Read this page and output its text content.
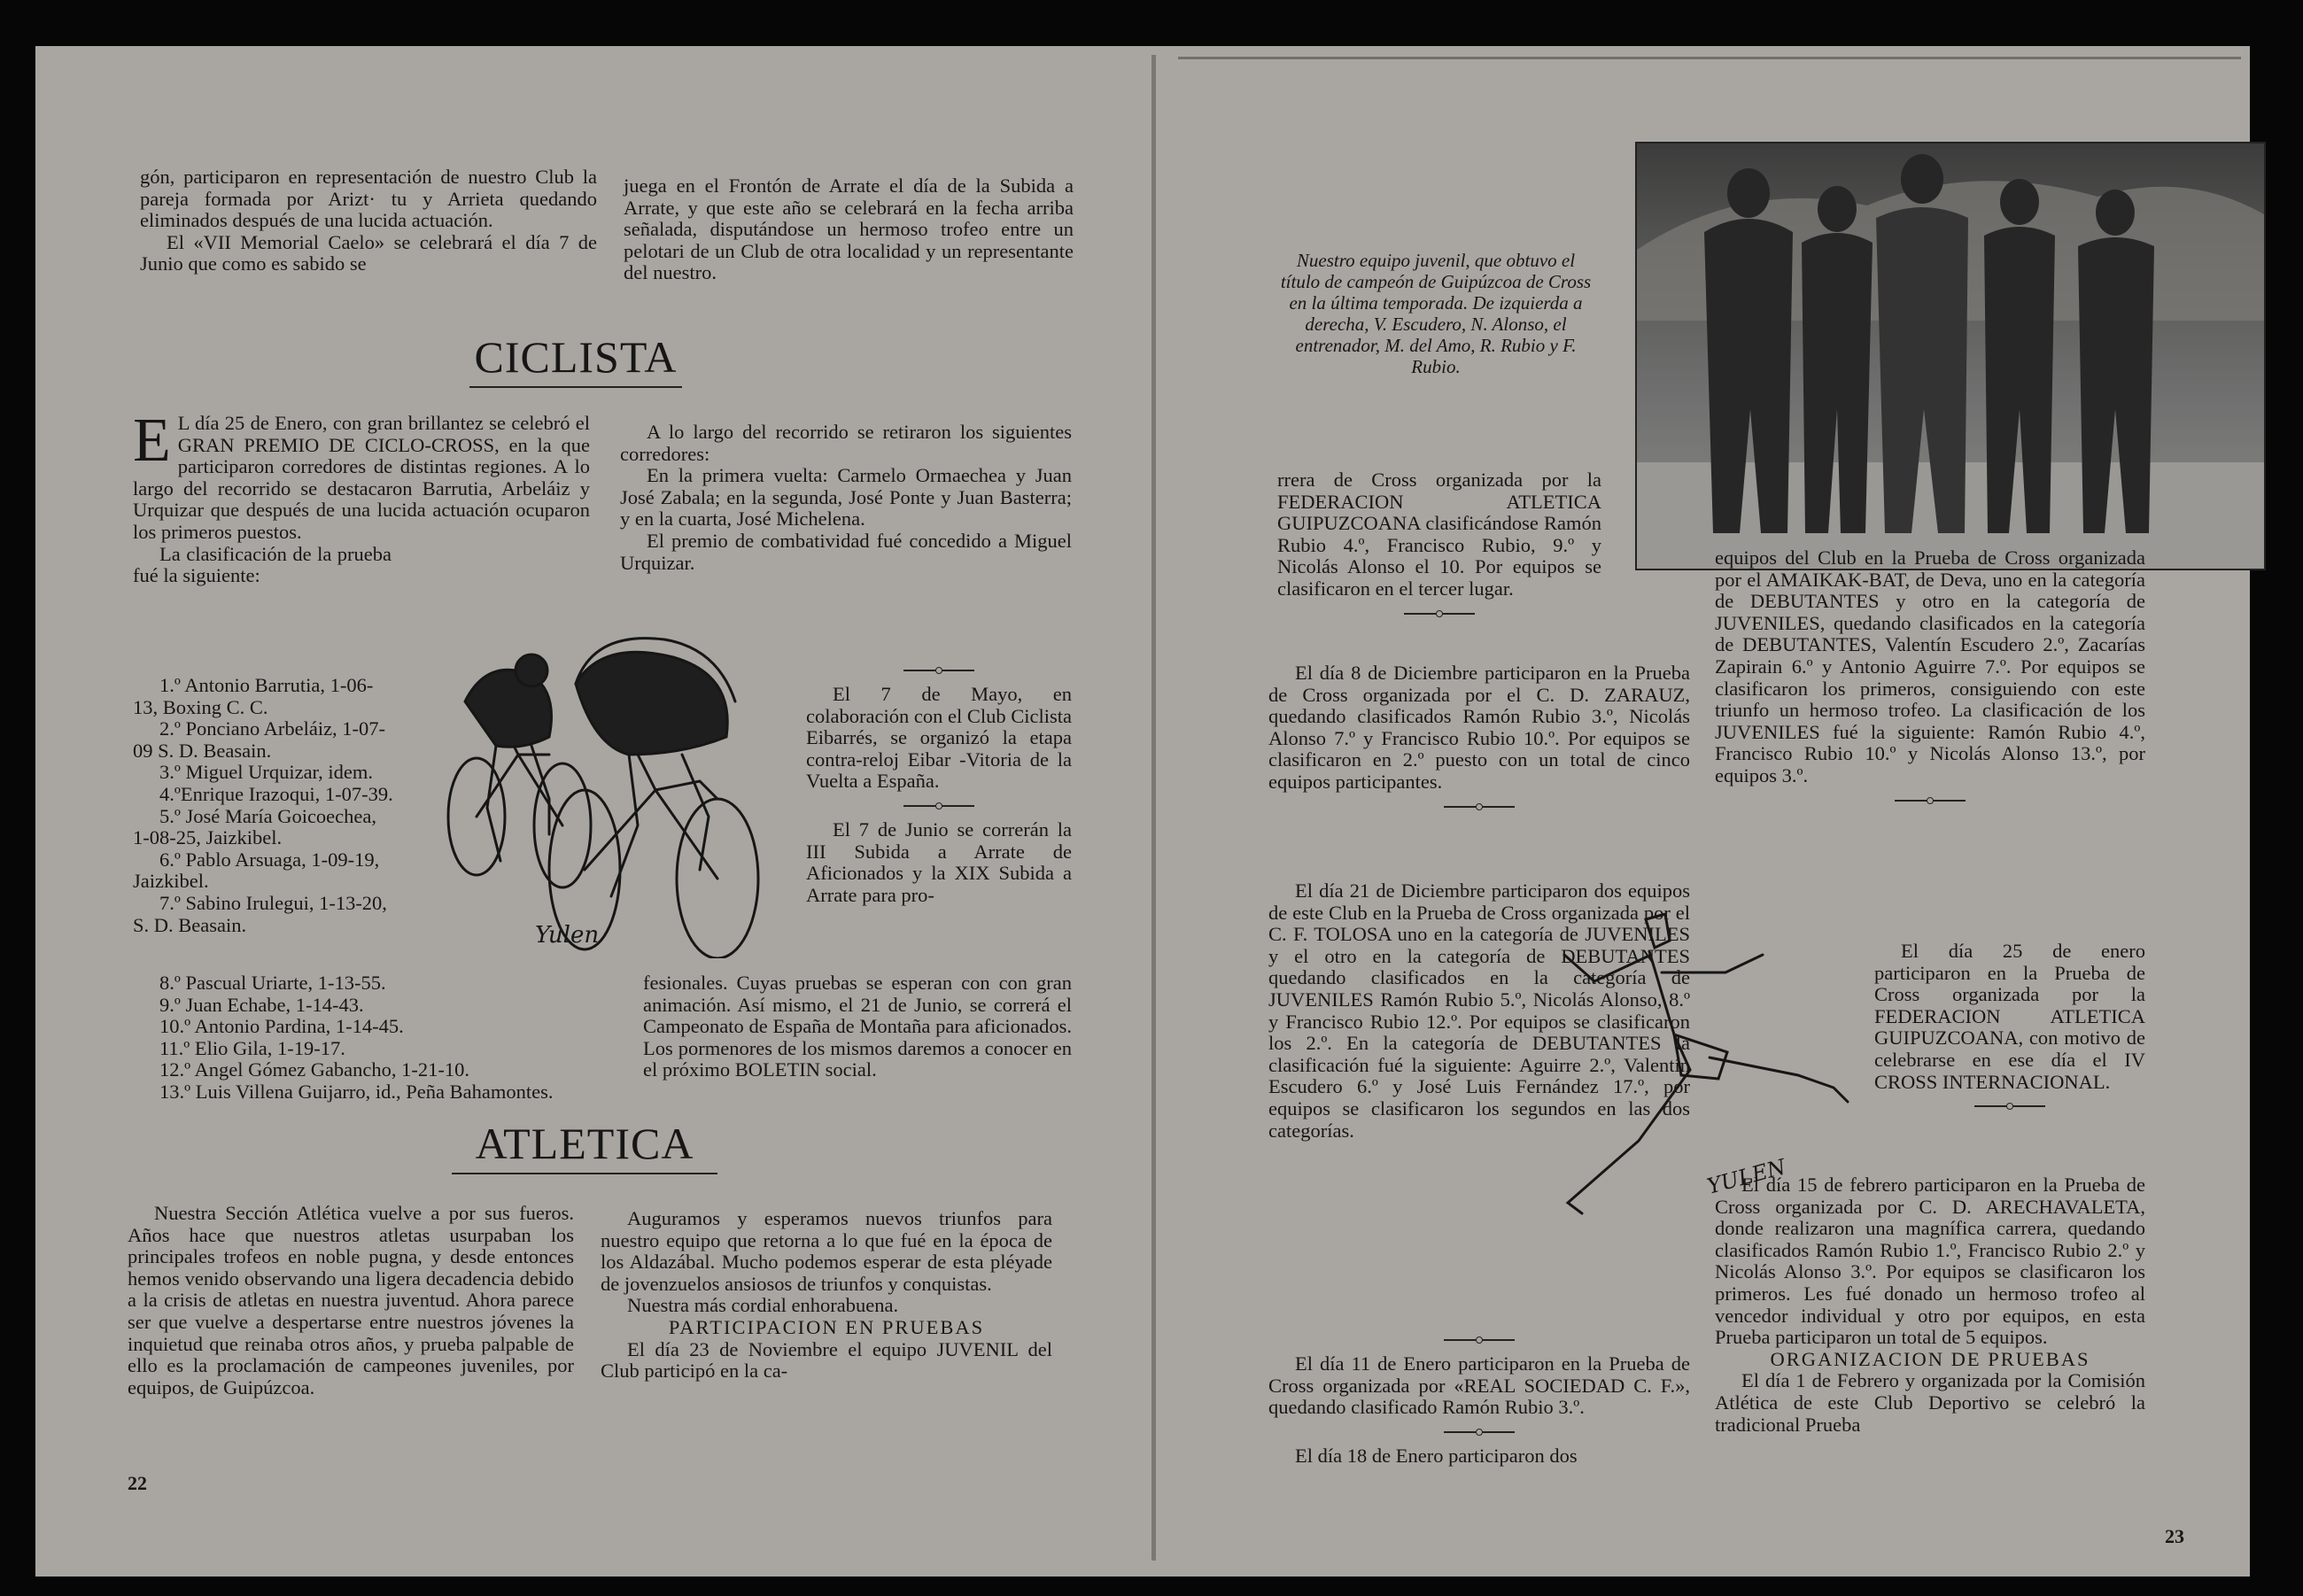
gón, participaron en representación de nuestro Club la pareja formada por Arizt· tu y Arrieta quedando eliminados después de una lucida actuación.

El «VII Memorial Caelo» se celebrará el día 7 de Junio que como es sabido se

juega en el Frontón de Arrate el día de la Subida a Arrate, y que este año se celebrará en la fecha arriba señalada, disputándose un hermoso trofeo entre un pelotari de un Club de otra localidad y un representante del nuestro.

CICLISTA
E L día 25 de Enero, con gran brillantez se celebró el GRAN PREMIO DE CICLO-CROSS, en la que participaron corredores de distintas regiones. A lo largo del recorrido se destacaron Barrutia, Arbeláiz y Urquizar que después de una lucida actuación ocuparon los primeros puestos.

La clasificación de la prueba fué la siguiente:

1.º Antonio Barrutia, 1-06-13, Boxing C. C.

2.º Ponciano Arbeláiz, 1-07-09 S. D. Beasain.

3.º Miguel Urquizar, idem.

4.ºEnrique Irazoqui, 1-07-39.

5.º José María Goicoechea, 1-08-25, Jaizkibel.

6.º Pablo Arsuaga, 1-09-19, Jaizkibel.

7.º Sabino Irulegui, 1-13-20, S. D. Beasain.

8.º Pascual Uriarte, 1-13-55.

9.º Juan Echabe, 1-14-43.

10.º Antonio Pardina, 1-14-45.

11.º Elio Gila, 1-19-17.

12.º Angel Gómez Gabancho, 1-21-10.

13.º Luis Villena Guijarro, id., Peña Bahamontes.

Yulen

A lo largo del recorrido se retiraron los siguientes corredores:

En la primera vuelta: Carmelo Ormaechea y Juan José Zabala; en la segunda, José Ponte y Juan Basterra; y en la cuarta, José Michelena.

El premio de combatividad fué concedido a Miguel Urquizar.

El 7 de Mayo, en colaboración con el Club Ciclista Eibarrés, se organizó la etapa contra-reloj Eibar -Vitoria de la Vuelta a España.

El 7 de Junio se correrán la III Subida a Arrate de Aficionados y la XIX Subida a Arrate para pro-

fesionales. Cuyas pruebas se esperan con con gran animación. Así mismo, el 21 de Junio, se correrá el Campeonato de España de Montaña para aficionados. Los pormenores de los mismos daremos a conocer en el próximo BOLETIN social.

ATLETICA

Nuestra Sección Atlética vuelve a por sus fueros. Años hace que nuestros atletas usurpaban los principales trofeos en noble pugna, y desde entonces hemos venido observando una ligera decadencia debido a la crisis de atletas en nuestra juventud. Ahora parece ser que vuelve a despertarse entre nuestros jóvenes la inquietud que reinaba otros años, y prueba palpable de ello es la proclamación de campeones juveniles, por equipos, de Guipúzcoa.

Auguramos y esperamos nuevos triunfos para nuestro equipo que retorna a lo que fué en la época de los Aldazábal. Mucho podemos esperar de esta pléyade de jovenzuelos ansiosos de triunfos y conquistas.

Nuestra más cordial enhorabuena.

PARTICIPACION EN PRUEBAS

El día 23 de Noviembre el equipo JUVENIL del Club participó en la ca-

22
Nuestro equipo juvenil, que obtuvo el título de campeón de Guipúzcoa de Cross en la última temporada. De izquierda a derecha, V. Escudero, N. Alonso, el entrenador, M. del Amo, R. Rubio y F. Rubio.

rrera de Cross organizada por la FEDERACION ATLETICA GUIPUZCOANA clasificándose Ramón Rubio 4.º, Francisco Rubio, 9.º y Nicolás Alonso el 10. Por equipos se clasificaron en el tercer lugar.

El día 8 de Diciembre participaron en la Prueba de Cross organizada por el C. D. ZARAUZ, quedando clasificados Ramón Rubio 3.º, Nicolás Alonso 7.º y Francisco Rubio 10.º. Por equipos se clasificaron en 2.º puesto con un total de cinco equipos participantes.

El día 21 de Diciembre participaron dos equipos de este Club en la Prueba de Cross organizada por el C. F. TOLOSA uno en la categoría de JUVENILES y el otro en la categoría de DEBUTANTES quedando clasificados en la categoría de JUVENILES Ramón Rubio 5.º, Nicolás Alonso, 8.º y Francisco Rubio 12.º. Por equipos se clasificaron los 2.º. En la categoría de DEBUTANTES la clasificación fué la siguiente: Aguirre 2.º, Valentín Escudero 6.º y José Luis Fernández 17.º, por equipos se clasificaron los segundos en las dos categorías.

YULEN

El día 11 de Enero participaron en la Prueba de Cross organizada por «REAL SOCIEDAD C. F.», quedando clasificado Ramón Rubio 3.º.

El día 18 de Enero participaron dos

equipos del Club en la Prueba de Cross organizada por el AMAIKAK-BAT, de Deva, uno en la categoría de DEBUTANTES y otro en la categoría de JUVENILES, quedando clasificados en la categoría de DEBUTANTES, Valentín Escudero 2.º, Zacarías Zapirain 6.º y Antonio Aguirre 7.º. Por equipos se clasificaron los primeros, consiguiendo con este triunfo un hermoso trofeo. La clasificación de los JUVENILES fué la siguiente: Ramón Rubio 4.º, Francisco Rubio 10.º y Nicolás Alonso 13.º, por equipos 3.º.

El día 25 de enero participaron en la Prueba de Cross organizada por la FEDERACION ATLETICA GUIPUZCOANA, con motivo de celebrarse en ese día el IV CROSS INTERNACIONAL.

El día 15 de febrero participaron en la Prueba de Cross organizada por C. D. ARECHAVALETA, donde realizaron una magnífica carrera, quedando clasificados Ramón Rubio 1.º, Francisco Rubio 2.º y Nicolás Alonso 3.º. Por equipos se clasificaron los primeros. Les fué donado un hermoso trofeo al vencedor individual y otro por equipos, en esta Prueba participaron un total de 5 equipos.

ORGANIZACION DE PRUEBAS

El día 1 de Febrero y organizada por la Comisión Atlética de este Club Deportivo se celebró la tradicional Prueba

23
